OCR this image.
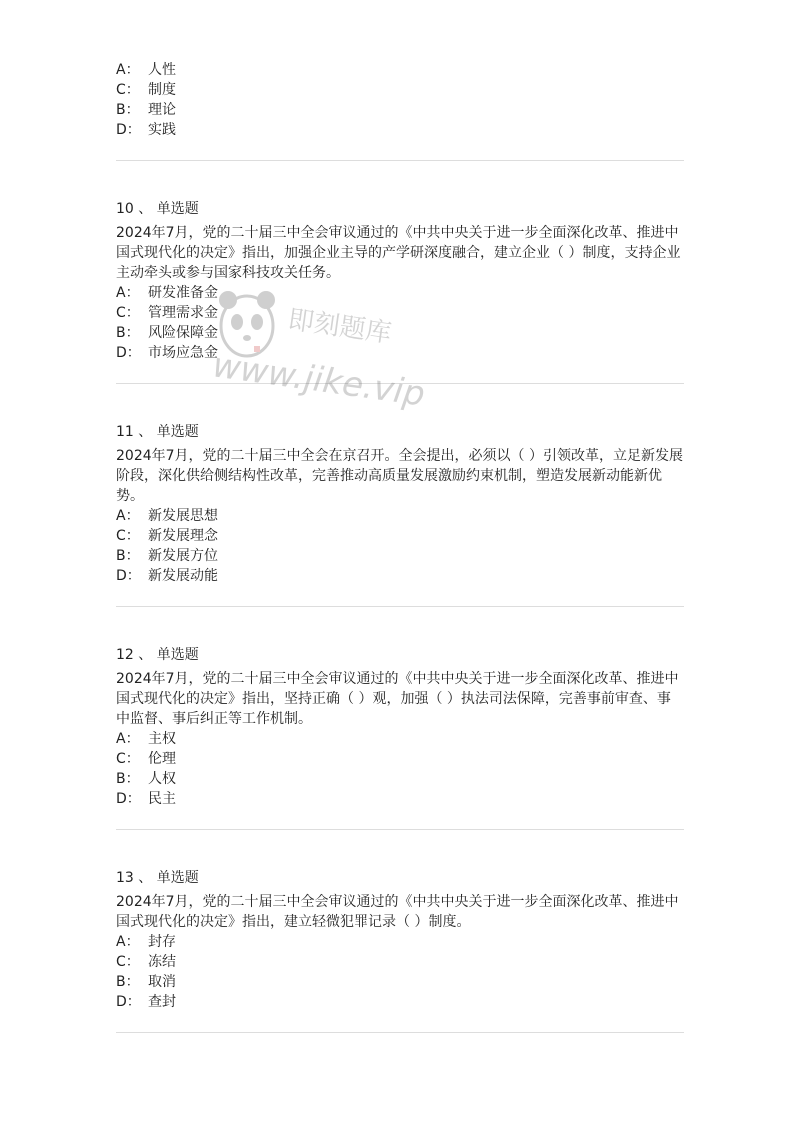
A： 人性
C： 制度
B： 理论
D： 实践
10 、 单选题
2024年7月，党的二十届三中全会审议通过的《中共中央关于进一步全面深化改革、推进中国式现代化的决定》指出，加强企业主导的产学研深度融合，建立企业（ ）制度，支持企业主动牵头或参与国家科技攻关任务。
A： 研发准备金
C： 管理需求金
B： 风险保障金
D： 市场应急金
11 、 单选题
2024年7月，党的二十届三中全会在京召开。全会提出，必须以（ ）引领改革，立足新发展阶段，深化供给侧结构性改革，完善推动高质量发展激励约束机制，塑造发展新动能新优势。
A： 新发展思想
C： 新发展理念
B： 新发展方位
D： 新发展动能
12 、 单选题
2024年7月，党的二十届三中全会审议通过的《中共中央关于进一步全面深化改革、推进中国式现代化的决定》指出，坚持正确（ ）观，加强（ ）执法司法保障，完善事前审查、事中监督、事后纠正等工作机制。
A： 主权
C： 伦理
B： 人权
D： 民主
13 、 单选题
2024年7月，党的二十届三中全会审议通过的《中共中央关于进一步全面深化改革、推进中国式现代化的决定》指出，建立轻微犯罪记录（ ）制度。
A： 封存
C： 冻结
B： 取消
D： 查封
即刻题库
www.jike.vip
